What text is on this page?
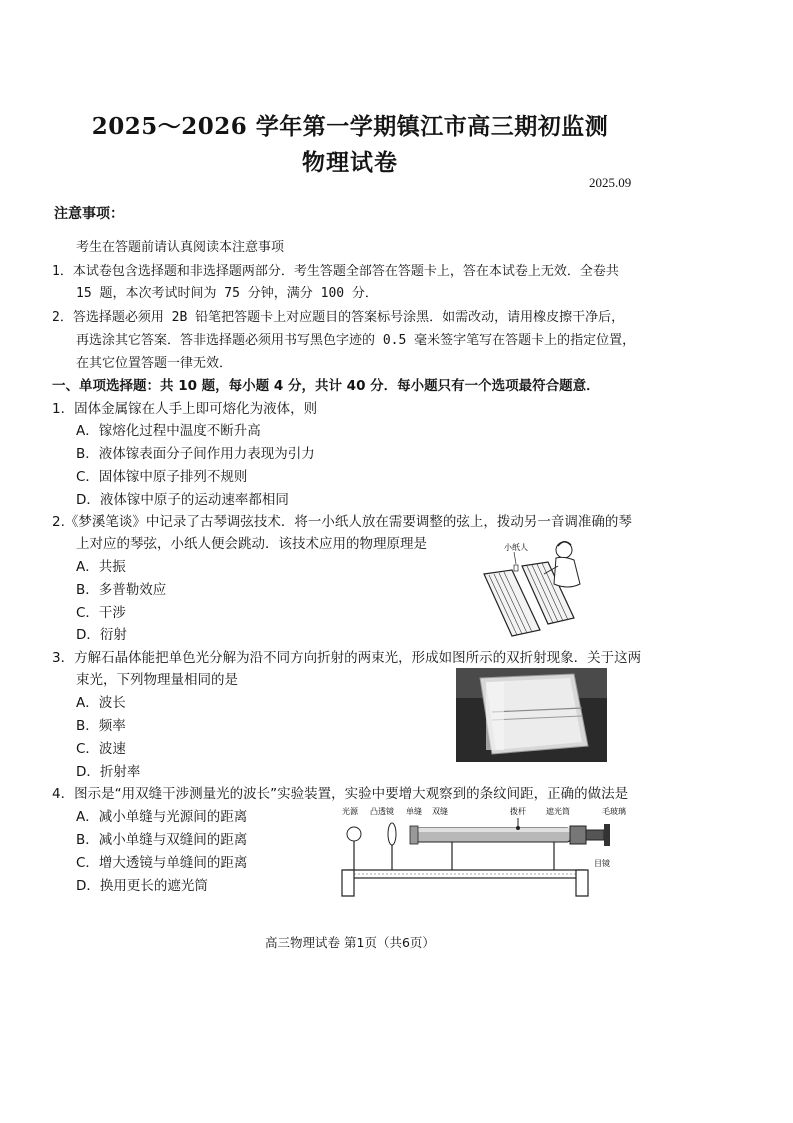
2025～2026 学年第一学期镇江市高三期初监测
物理试卷
2025.09
注意事项：
考生在答题前请认真阅读本注意事项
1．本试卷包含选择题和非选择题两部分．考生答题全部答在答题卡上，答在本试卷上无效．全卷共
15 题，本次考试时间为 75 分钟，满分 100 分．
2．答选择题必须用 2B 铅笔把答题卡上对应题目的答案标号涂黑．如需改动，请用橡皮擦干净后，
再选涂其它答案．答非选择题必须用书写黑色字迹的 0.5 毫米签字笔写在答题卡上的指定位置，
在其它位置答题一律无效．
一、单项选择题：共 10 题，每小题 4 分，共计 40 分．每小题只有一个选项最符合题意．
1．固体金属镓在人手上即可熔化为液体，则
A．镓熔化过程中温度不断升高
B．液体镓表面分子间作用力表现为引力
C．固体镓中原子排列不规则
D．液体镓中原子的运动速率都相同
2.《梦溪笔谈》中记录了古琴调弦技术．将一小纸人放在需要调整的弦上，拨动另一音调准确的琴
上对应的琴弦，小纸人便会跳动．该技术应用的物理原理是
A．共振
B．多普勒效应
C．干涉
D．衍射
小纸人
3．方解石晶体能把单色光分解为沿不同方向折射的两束光，形成如图所示的双折射现象．关于这两
束光，下列物理量相同的是
A．波长
B．频率
C．波速
D．折射率
4．图示是“用双缝干涉测量光的波长”实验装置，实验中要增大观察到的条纹间距，正确的做法是
A．减小单缝与光源间的距离
B．减小单缝与双缝间的距离
C．增大透镜与单缝间的距离
D．换用更长的遮光筒
光源 凸透镜 单缝 双缝	拨杆	遮光筒	毛玻璃
目镜
高三物理试卷 第1页（共6页）
